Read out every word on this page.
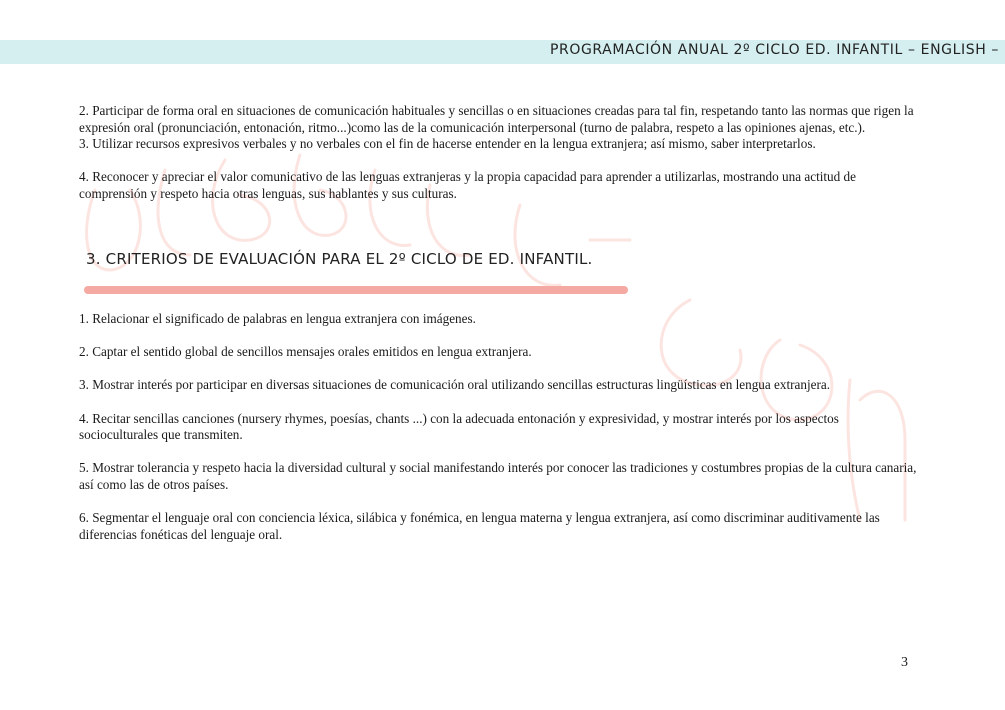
PROGRAMACIÓN ANUAL 2º CICLO ED. INFANTIL – ENGLISH –

2. Participar de forma oral en situaciones de comunicación habituales y sencillas o en situaciones creadas para tal fin, respetando tanto las normas que rigen la expresión oral (pronunciación, entonación, ritmo...)como las de la comunicación interpersonal (turno de palabra, respeto a las opiniones ajenas, etc.).

3. Utilizar recursos expresivos verbales y no verbales con el fin de hacerse entender en la lengua extranjera; así mismo, saber interpretarlos.

4. Reconocer y apreciar el valor comunicativo de las lenguas extranjeras y la propia capacidad para aprender a utilizarlas, mostrando una actitud de comprensión y respeto hacia otras lenguas, sus hablantes y sus culturas.

3. CRITERIOS DE EVALUACIÓN PARA EL 2º CICLO DE ED. INFANTIL.

1. Relacionar el significado de palabras en lengua extranjera con imágenes.

2. Captar el sentido global de sencillos mensajes orales emitidos en lengua extranjera.

3. Mostrar interés por participar en diversas situaciones de comunicación oral utilizando sencillas estructuras lingüísticas en lengua extranjera.

4. Recitar sencillas canciones (nursery rhymes, poesías, chants ...) con la adecuada entonación y expresividad, y mostrar interés por los aspectos socioculturales que transmiten.

5. Mostrar tolerancia y respeto hacia la diversidad cultural y social manifestando interés por conocer las tradiciones y costumbres propias de la cultura canaria, así como las de otros países.

6. Segmentar el lenguaje oral con conciencia léxica, silábica y fonémica, en lengua materna y lengua extranjera, así como discriminar auditivamente las diferencias fonéticas del lenguaje oral.

3
